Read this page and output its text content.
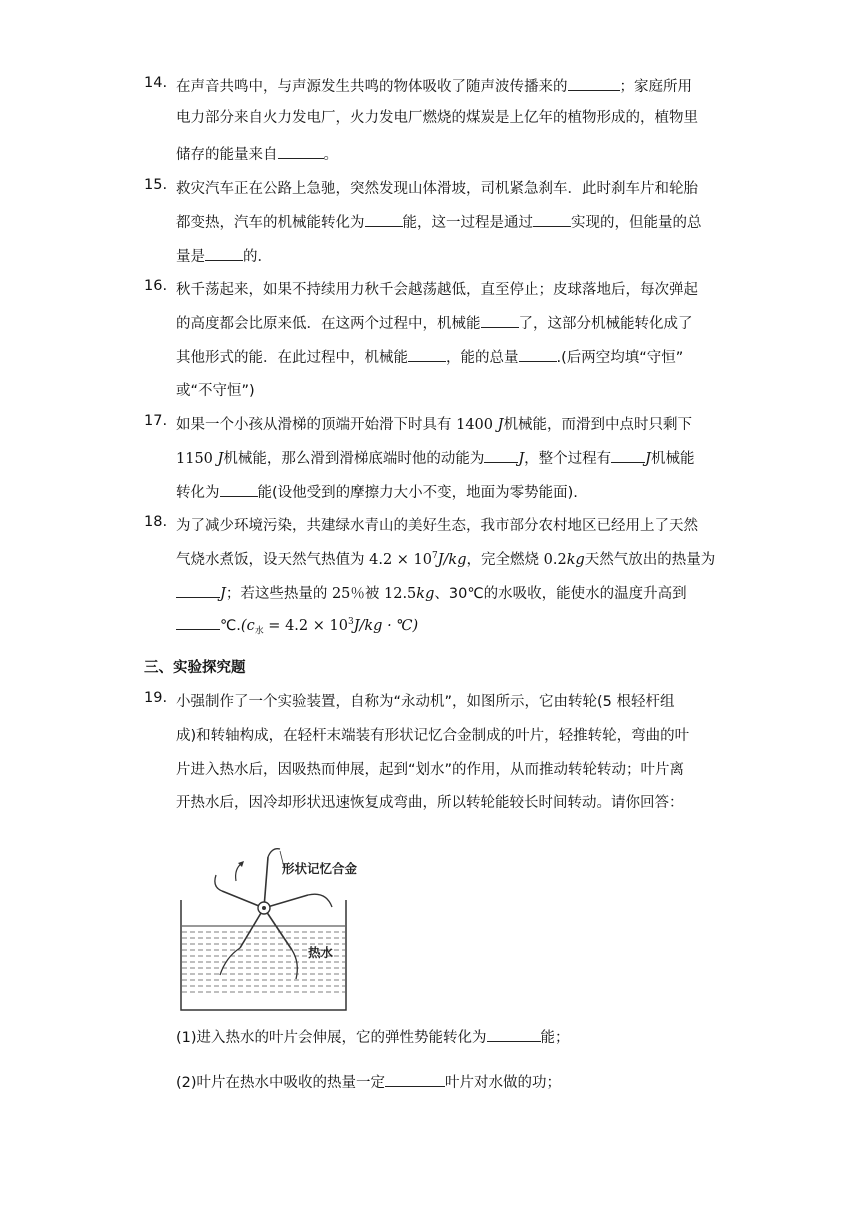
14. 在声音共鸣中，与声源发生共鸣的物体吸收了随声波传播来的	；家庭所用
电力部分来自火力发电厂，火力发电厂燃烧的煤炭是上亿年的植物形成的，植物里
储存的能量来自	。
15. 救灾汽车正在公路上急驰，突然发现山体滑坡，司机紧急刹车．此时刹车片和轮胎
都变热，汽车的机械能转化为	能，这一过程是通过	实现的，但能量的总
量是	的．
16. 秋千荡起来，如果不持续用力秋千会越荡越低，直至停止；皮球落地后，每次弹起
的高度都会比原来低．在这两个过程中，机械能	了，这部分机械能转化成了
其他形式的能．在此过程中，机械能	，能的总量	.(后两空均填“守恒”
或“不守恒”)
17. 如果一个小孩从滑梯的顶端开始滑下时具有 1400 J机械能，而滑到中点时只剩下
1150 J机械能，那么滑到滑梯底端时他的动能为 J，整个过程有 J机械能
转化为	能(设他受到的摩擦力大小不变，地面为零势能面).
18. 为了减少环境污染，共建绿水青山的美好生态，我市部分农村地区已经用上了天然
气烧水煮饭，设天然气热值为 $4.2 \times 10^7J/kg$，完全燃烧 0.2kg天然气放出的热量为
J；若这些热量的 25％被 12.5kg、30℃的水吸收，能使水的温度升高到
$℃.(c_水 = 4.2 \times 10^3J/kg$ · ℃)
三、实验探究题
19. 小强制作了一个实验装置，自称为“永动机”，如图所示，它由转轮(5 根轻杆组
成)和转轴构成，在轻杆末端装有形状记忆合金制成的叶片，轻推转轮，弯曲的叶
片进入热水后，因吸热而伸展，起到“划水”的作用，从而推动转轮转动；叶片离
开热水后，因冷却形状迅速恢复成弯曲，所以转轮能较长时间转动。请你回答：
形状记忆合金
热水
(1)进入热水的叶片会伸展，它的弹性势能转化为	能；
(2)叶片在热水中吸收的热量一定	叶片对水做的功；
